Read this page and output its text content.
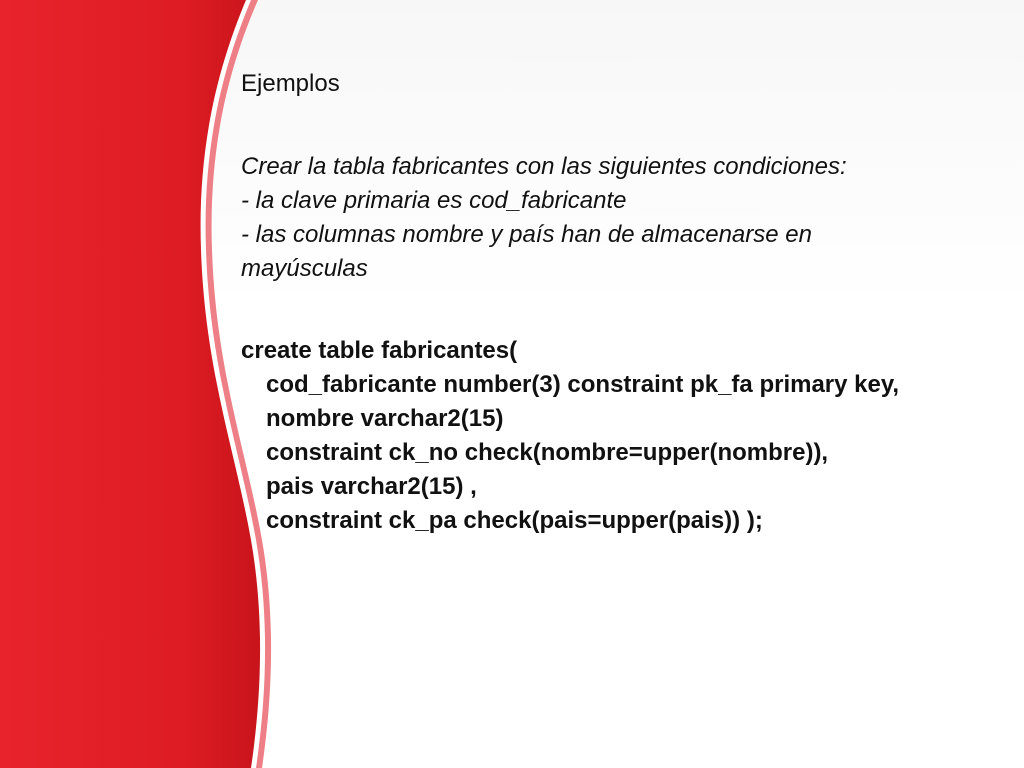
Ejemplos
Crear la tabla fabricantes con las siguientes condiciones:
- la clave primaria es cod_fabricante
- las columnas nombre y país han de almacenarse en
mayúsculas
create table fabricantes(
cod_fabricante number(3) constraint pk_fa primary key,
nombre varchar2(15)
constraint ck_no check(nombre=upper(nombre)),
pais varchar2(15) ,
constraint ck_pa check(pais=upper(pais)) );
